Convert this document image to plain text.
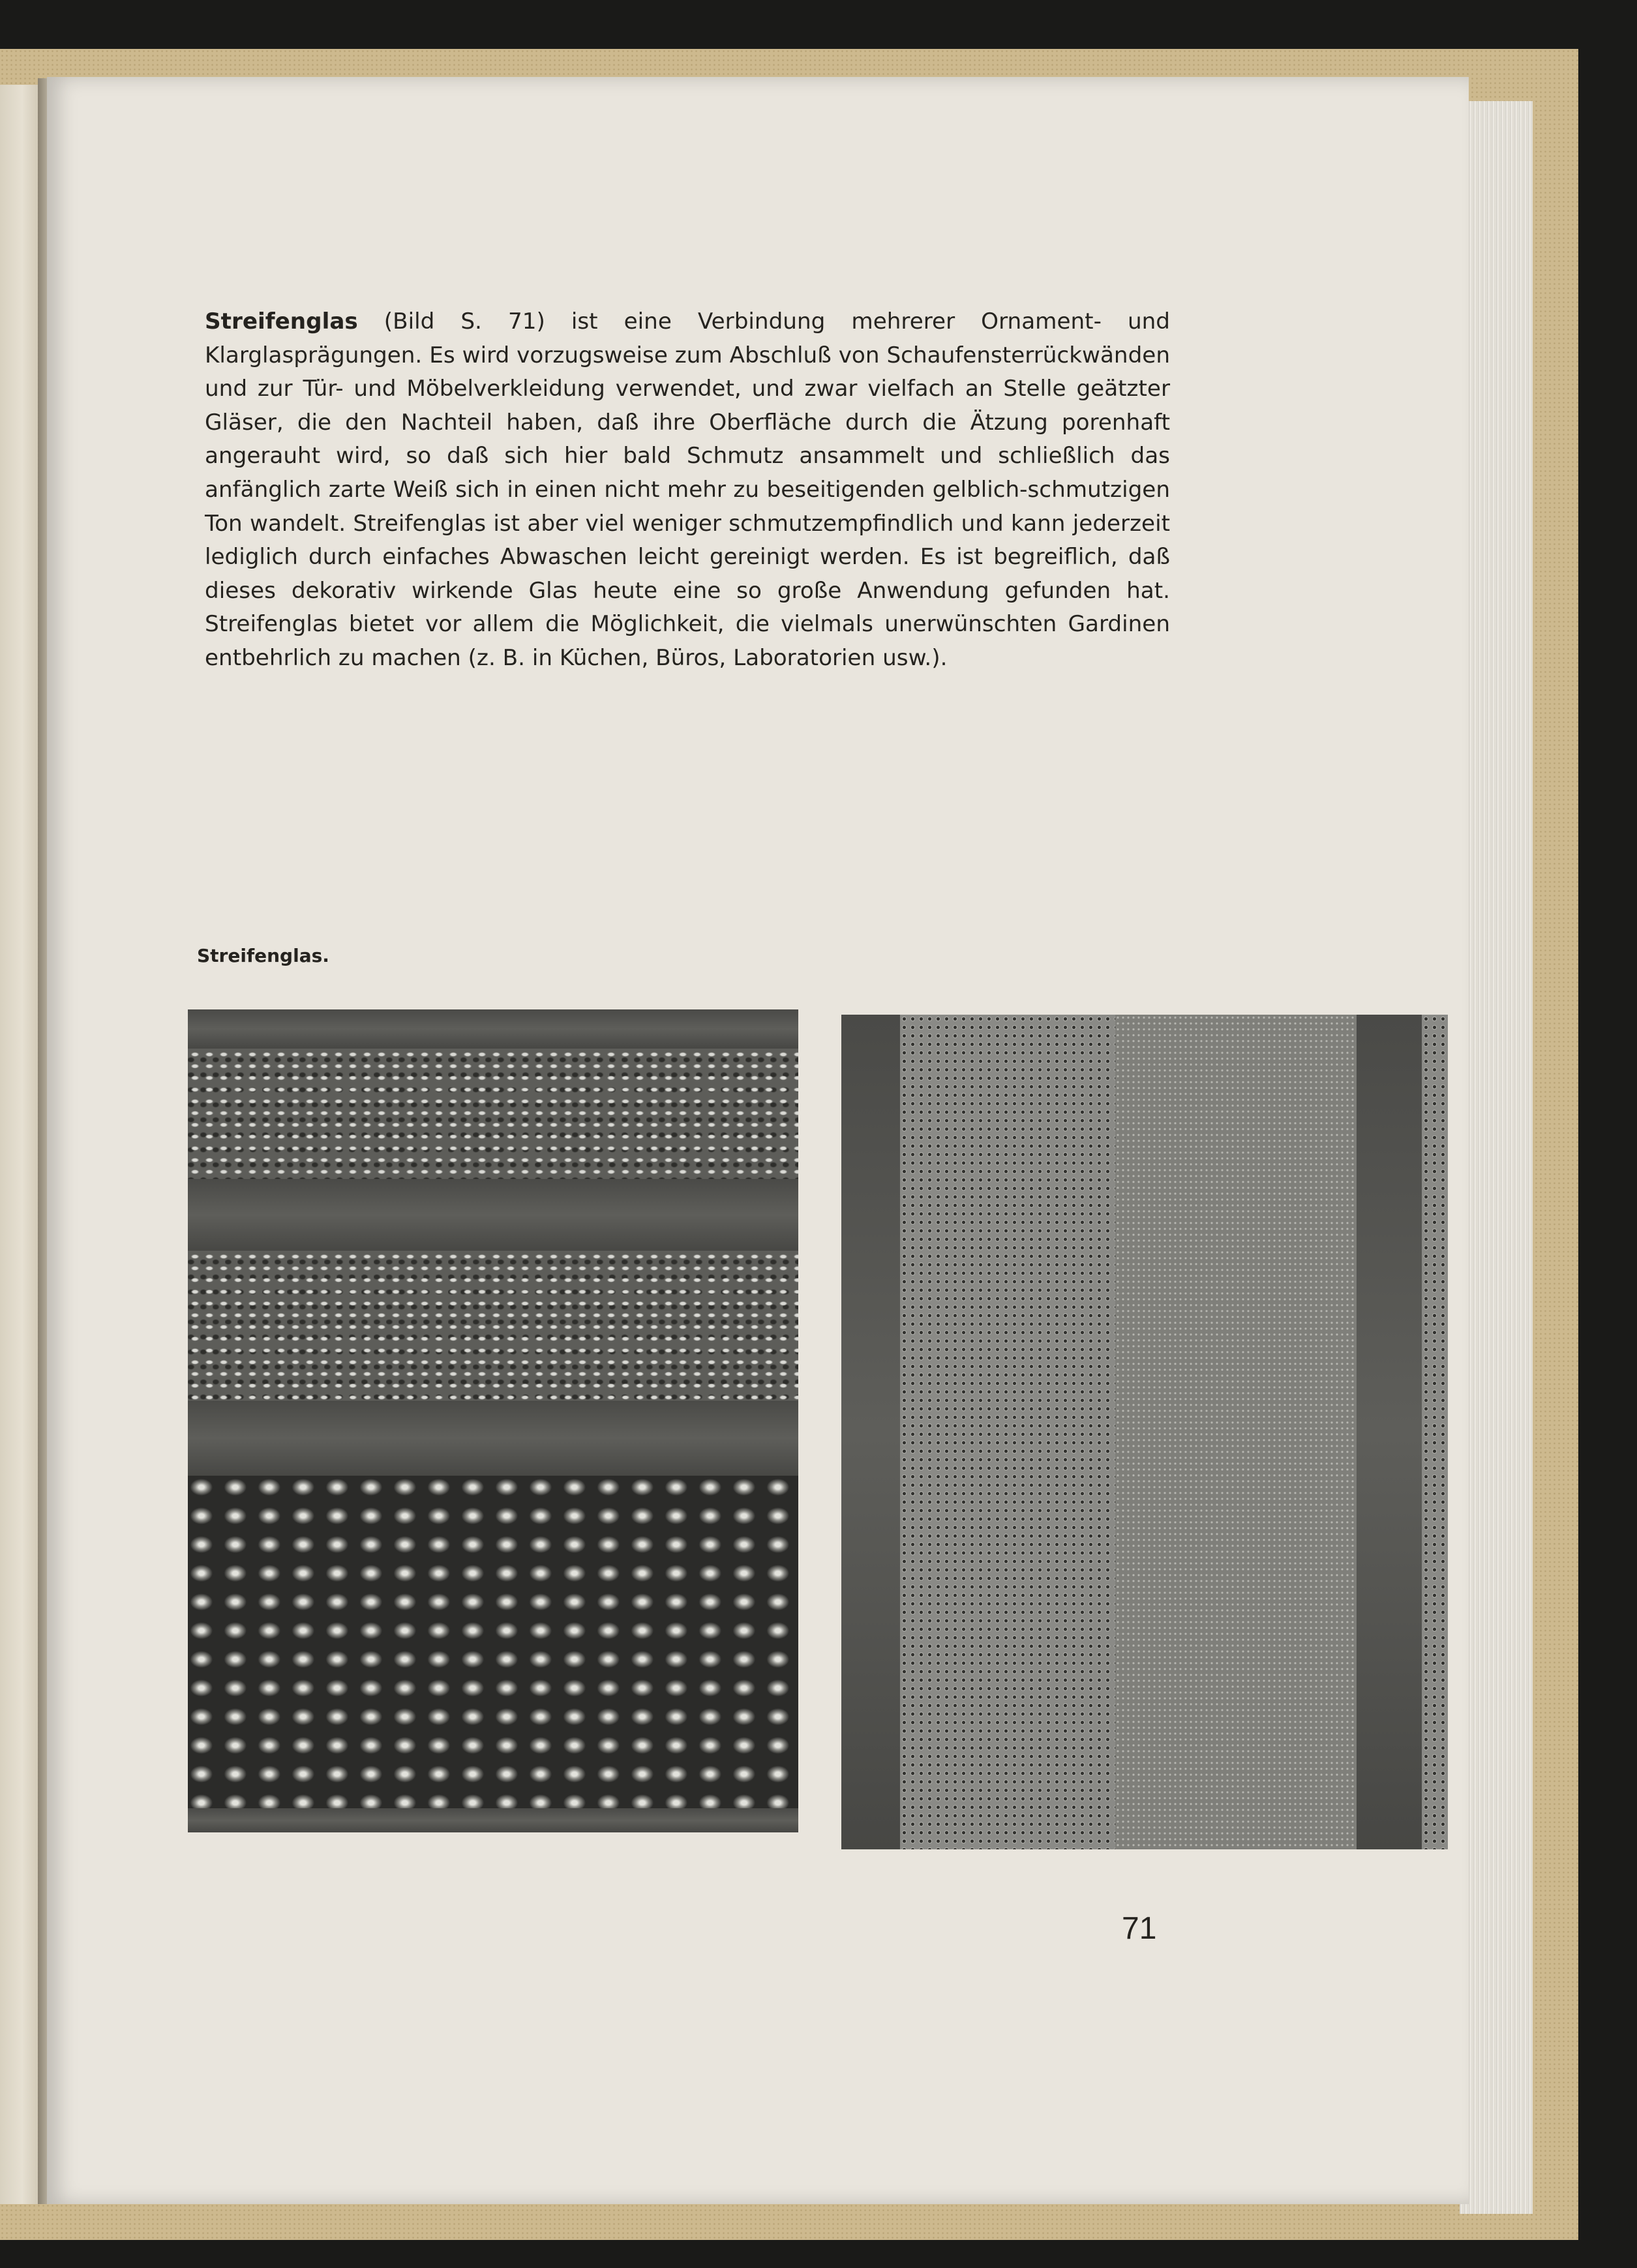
Streifenglas (Bild S. 71) ist eine Verbindung mehrerer Ornament- und Klarglasprägungen. Es wird vorzugsweise zum Abschluß von Schaufensterrückwänden und zur Tür- und Möbelverkleidung verwendet, und zwar vielfach an Stelle geätzter Gläser, die den Nachteil haben, daß ihre Oberfläche durch die Ätzung porenhaft angerauht wird, so daß sich hier bald Schmutz ansammelt und schließlich das anfänglich zarte Weiß sich in einen nicht mehr zu beseitigenden gelblich-schmutzigen Ton wandelt. Streifenglas ist aber viel weniger schmutzempfindlich und kann jederzeit lediglich durch einfaches Abwaschen leicht gereinigt werden. Es ist begreiflich, daß dieses dekorativ wirkende Glas heute eine so große Anwendung gefunden hat. Streifenglas bietet vor allem die Möglichkeit, die vielmals unerwünschten Gardinen entbehrlich zu machen (z. B. in Küchen, Büros, Laboratorien usw.).

Streifenglas.
71
